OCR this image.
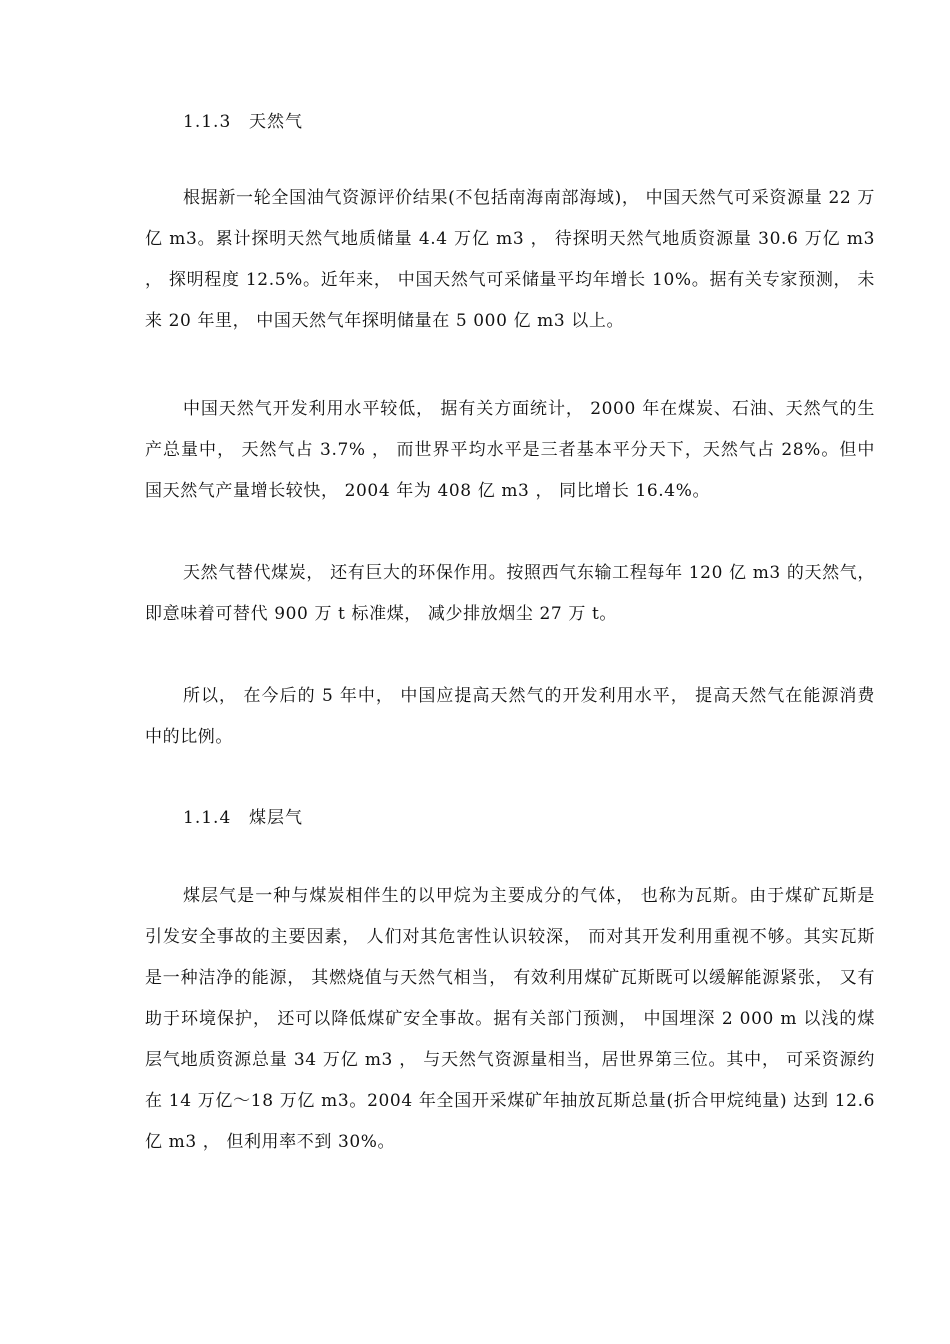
1.1.3 天然气

根据新一轮全国油气资源评价结果(不包括南海南部海域)， 中国天然气可采资源量 22 万亿 m3。累计探明天然气地质储量 4.4 万亿 m3 ， 待探明天然气地质资源量 30.6 万亿 m3 ， 探明程度 12.5%。近年来， 中国天然气可采储量平均年增长 10%。据有关专家预测， 未来 20 年里， 中国天然气年探明储量在 5 000 亿 m3 以上。

中国天然气开发利用水平较低， 据有关方面统计， 2000 年在煤炭、石油、天然气的生产总量中， 天然气占 3.7% ， 而世界平均水平是三者基本平分天下，天然气占 28%。但中国天然气产量增长较快， 2004 年为 408 亿 m3 ， 同比增长 16.4%。

天然气替代煤炭， 还有巨大的环保作用。按照西气东输工程每年 120 亿 m3 的天然气， 即意味着可替代 900 万 t 标准煤， 减少排放烟尘 27 万 t。

所以， 在今后的 5 年中， 中国应提高天然气的开发利用水平， 提高天然气在能源消费中的比例。

1.1.4 煤层气

煤层气是一种与煤炭相伴生的以甲烷为主要成分的气体， 也称为瓦斯。由于煤矿瓦斯是引发安全事故的主要因素， 人们对其危害性认识较深， 而对其开发利用重视不够。其实瓦斯是一种洁净的能源， 其燃烧值与天然气相当， 有效利用煤矿瓦斯既可以缓解能源紧张， 又有助于环境保护， 还可以降低煤矿安全事故。据有关部门预测， 中国埋深 2 000 m 以浅的煤层气地质资源总量 34 万亿 m3 ， 与天然气资源量相当，居世界第三位。其中， 可采资源约在 14 万亿～18 万亿 m3。2004 年全国开采煤矿年抽放瓦斯总量(折合甲烷纯量) 达到 12.6 亿 m3 ， 但利用率不到 30%。
